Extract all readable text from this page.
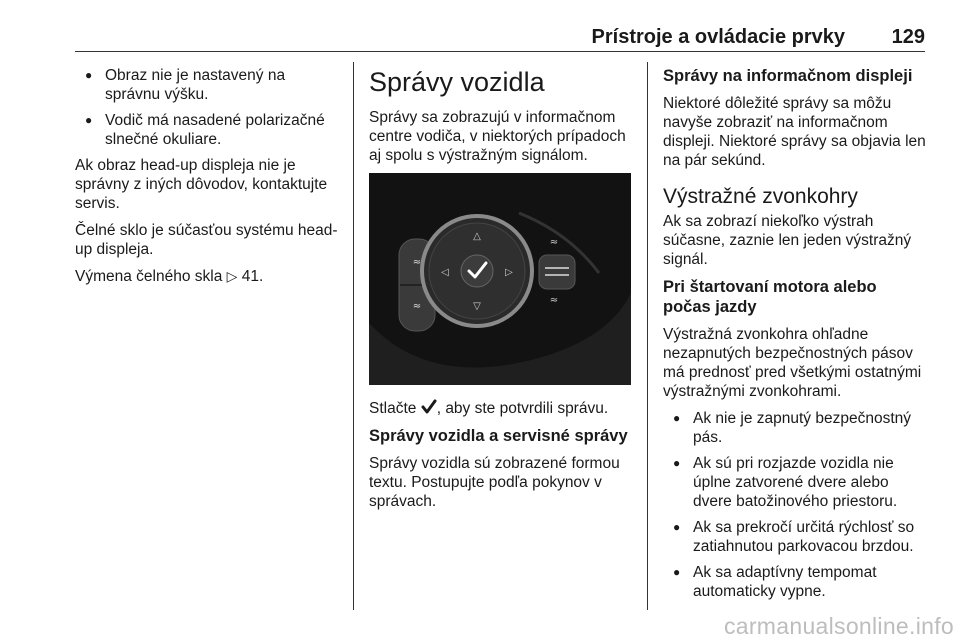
Prístroje a ovládacie prvky 129
● Obraz nie je nastavený na správnu výšku.
● Vodič má nasadené polarizačné slnečné okuliare.

Ak obraz head-up displeja nie je správny z iných dôvodov, kontaktujte servis.

Čelné sklo je súčasťou systému head-up displeja.

Výmena čelného skla ▷ 41.

Správy vozidla

Správy sa zobrazujú v informačnom centre vodiča, v niektorých prípadoch aj spolu s výstražným signálom.

≈
≈
△
▽
◁	▷
≈
≈

Stlačte , aby ste potvrdili správu.

Správy vozidla a servisné správy

Správy vozidla sú zobrazené formou textu. Postupujte podľa pokynov v správach.

Správy na informačnom displeji

Niektoré dôležité správy sa môžu navyše zobraziť na informačnom displeji. Niektoré správy sa objavia len na pár sekúnd.

Výstražné zvonkohry

Ak sa zobrazí niekoľko výstrah súčasne, zaznie len jeden výstražný signál.

Pri štartovaní motora alebo počas jazdy

Výstražná zvonkohra ohľadne nezapnutých bezpečnostných pásov má prednosť pred všetkými ostatnými výstražnými zvonkohrami.

● Ak nie je zapnutý bezpečnostný pás.
● Ak sú pri rozjazde vozidla nie úplne zatvorené dvere alebo dvere batožinového priestoru.
● Ak sa prekročí určitá rýchlosť so zatiahnutou parkovacou brzdou.
● Ak sa adaptívny tempomat automaticky vypne.
carmanualsonline.info
